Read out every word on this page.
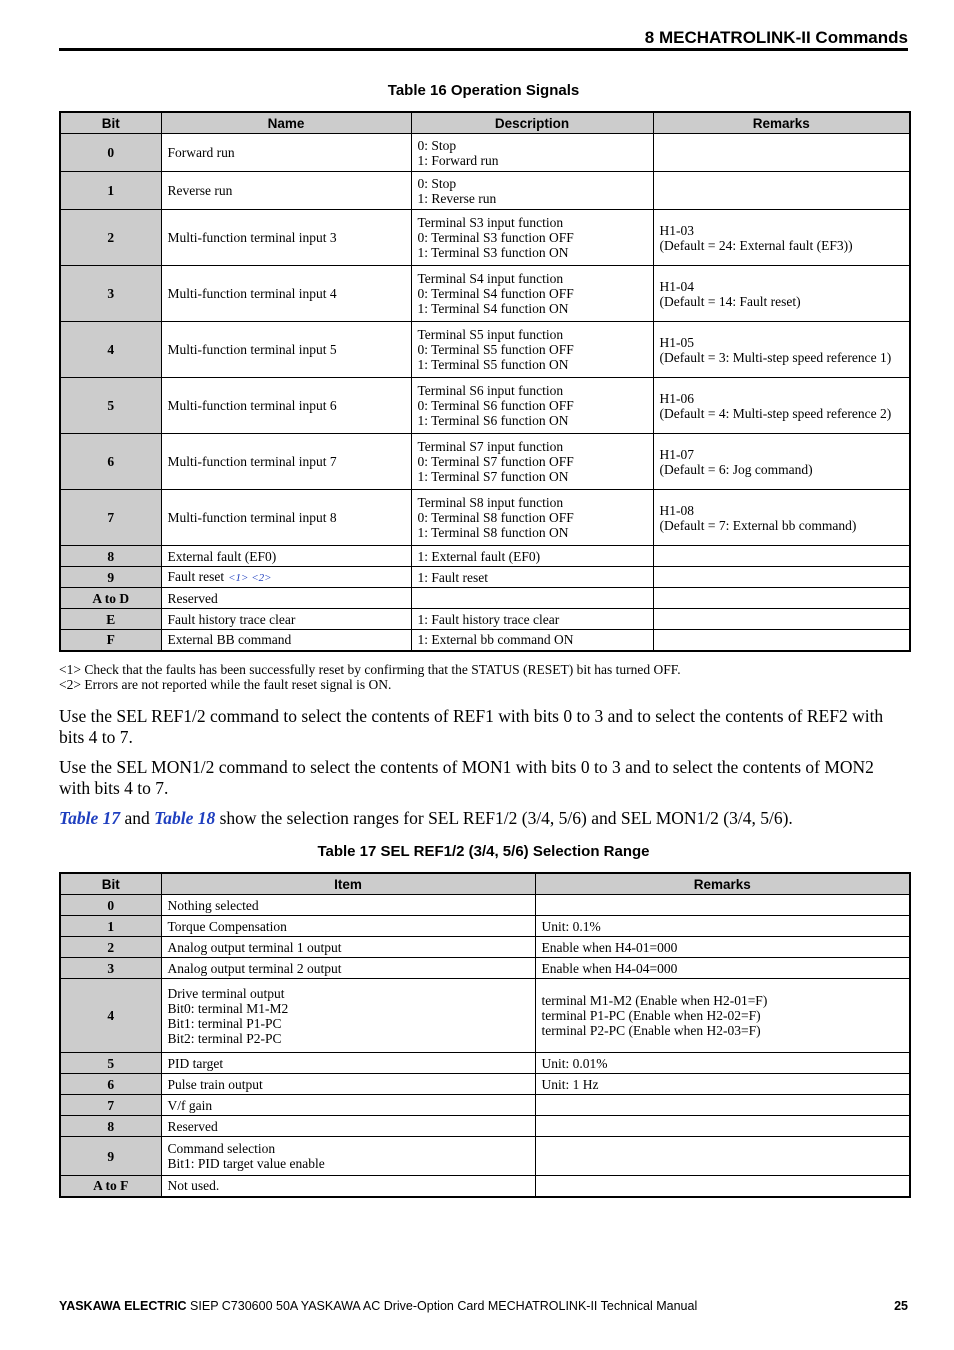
8 MECHATROLINK-II Commands
Table 16 Operation Signals
Bit	Name	Description	Remarks
0	Forward run	0: Stop
1: Forward run	
1	Reverse run	0: Stop
1: Reverse run	
2	Multi-function terminal input 3	Terminal S3 input function
0: Terminal S3 function OFF
1: Terminal S3 function ON	H1-03
(Default = 24: External fault (EF3))
3	Multi-function terminal input 4	Terminal S4 input function
0: Terminal S4 function OFF
1: Terminal S4 function ON	H1-04
(Default = 14: Fault reset)
4	Multi-function terminal input 5	Terminal S5 input function
0: Terminal S5 function OFF
1: Terminal S5 function ON	H1-05
(Default = 3: Multi-step speed reference 1)
5	Multi-function terminal input 6	Terminal S6 input function
0: Terminal S6 function OFF
1: Terminal S6 function ON	H1-06
(Default = 4: Multi-step speed reference 2)
6	Multi-function terminal input 7	Terminal S7 input function
0: Terminal S7 function OFF
1: Terminal S7 function ON	H1-07
(Default = 6: Jog command)
7	Multi-function terminal input 8	Terminal S8 input function
0: Terminal S8 function OFF
1: Terminal S8 function ON	H1-08
(Default = 7: External bb command)
8	External fault (EF0)	1: External fault (EF0)	
9	Fault reset <1> <2>	1: Fault reset	
A to D	Reserved		
E	Fault history trace clear	1: Fault history trace clear	
F	External BB command	1: External bb command ON	
<1> Check that the faults has been successfully reset by confirming that the STATUS (RESET) bit has turned OFF.
<2> Errors are not reported while the fault reset signal is ON.
Use the SEL REF1/2 command to select the contents of REF1 with bits 0 to 3 and to select the contents of REF2 with bits 4 to 7.
Use the SEL MON1/2 command to select the contents of MON1 with bits 0 to 3 and to select the contents of MON2 with bits 4 to 7.
Table 17 and Table 18 show the selection ranges for SEL REF1/2 (3/4, 5/6) and SEL MON1/2 (3/4, 5/6).
Table 17 SEL REF1/2 (3/4, 5/6) Selection Range
Bit	Item	Remarks
0	Nothing selected	
1	Torque Compensation	Unit: 0.1%
2	Analog output terminal 1 output	Enable when H4-01=000
3	Analog output terminal 2 output	Enable when H4-04=000
4	Drive terminal output
Bit0: terminal M1-M2
Bit1: terminal P1-PC
Bit2: terminal P2-PC	terminal M1-M2 (Enable when H2-01=F)
terminal P1-PC (Enable when H2-02=F)
terminal P2-PC (Enable when H2-03=F)
5	PID target	Unit: 0.01%
6	Pulse train output	Unit: 1 Hz
7	V/f gain	
8	Reserved	
9	Command selection
Bit1: PID target value enable	
A to F	Not used.	
YASKAWA ELECTRIC SIEP C730600 50A YASKAWA AC Drive-Option Card MECHATROLINK-II Technical Manual	25
